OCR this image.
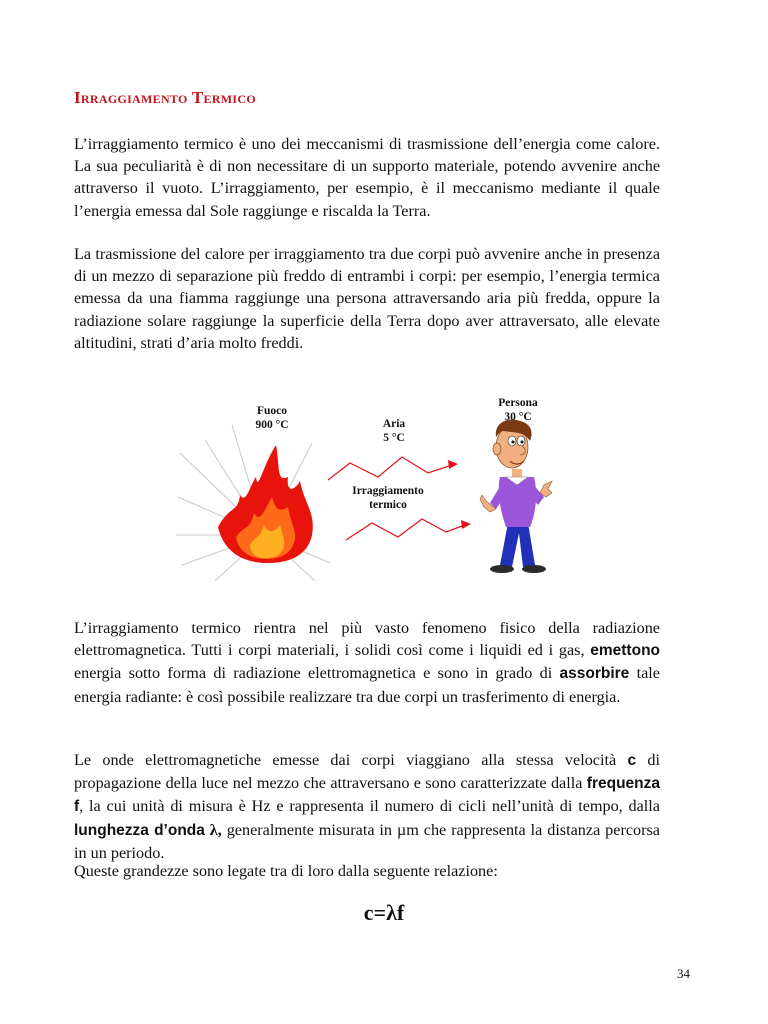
Irraggiamento Termico

L’irraggiamento termico è uno dei meccanismi di trasmissione dell’energia come calore. La sua peculiarità è di non necessitare di un supporto materiale, potendo avvenire anche attraverso il vuoto. L’irraggiamento, per esempio, è il meccanismo mediante il quale l’energia emessa dal Sole raggiunge e riscalda la Terra.

La trasmissione del calore per irraggiamento tra due corpi può avvenire anche in presenza di un mezzo di separazione più freddo di entrambi i corpi: per esempio, l’energia termica emessa da una fiamma raggiunge una persona attraversando aria più fredda, oppure la radiazione solare raggiunge la superficie della Terra dopo aver attraversato, alle elevate altitudini, strati d’aria molto freddi.

Fuoco
900 °C	Aria
5 °C

Persona
30 °C

Irraggiamento
termico

L’irraggiamento termico rientra nel più vasto fenomeno fisico della radiazione elettromagnetica. Tutti i corpi materiali, i solidi così come i liquidi ed i gas, emettono energia sotto forma di radiazione elettromagnetica e sono in grado di assorbire tale energia radiante: è così possibile realizzare tra due corpi un trasferimento di energia.

Le onde elettromagnetiche emesse dai corpi viaggiano alla stessa velocità c di propagazione della luce nel mezzo che attraversano e sono caratterizzate dalla frequenza f, la cui unità di misura è Hz e rappresenta il numero di cicli nell’unità di tempo, dalla lunghezza d’onda λ, generalmente misurata in µm che rappresenta la distanza percorsa in un periodo.

Queste grandezze sono legate tra di loro dalla seguente relazione:

c=λf

34
